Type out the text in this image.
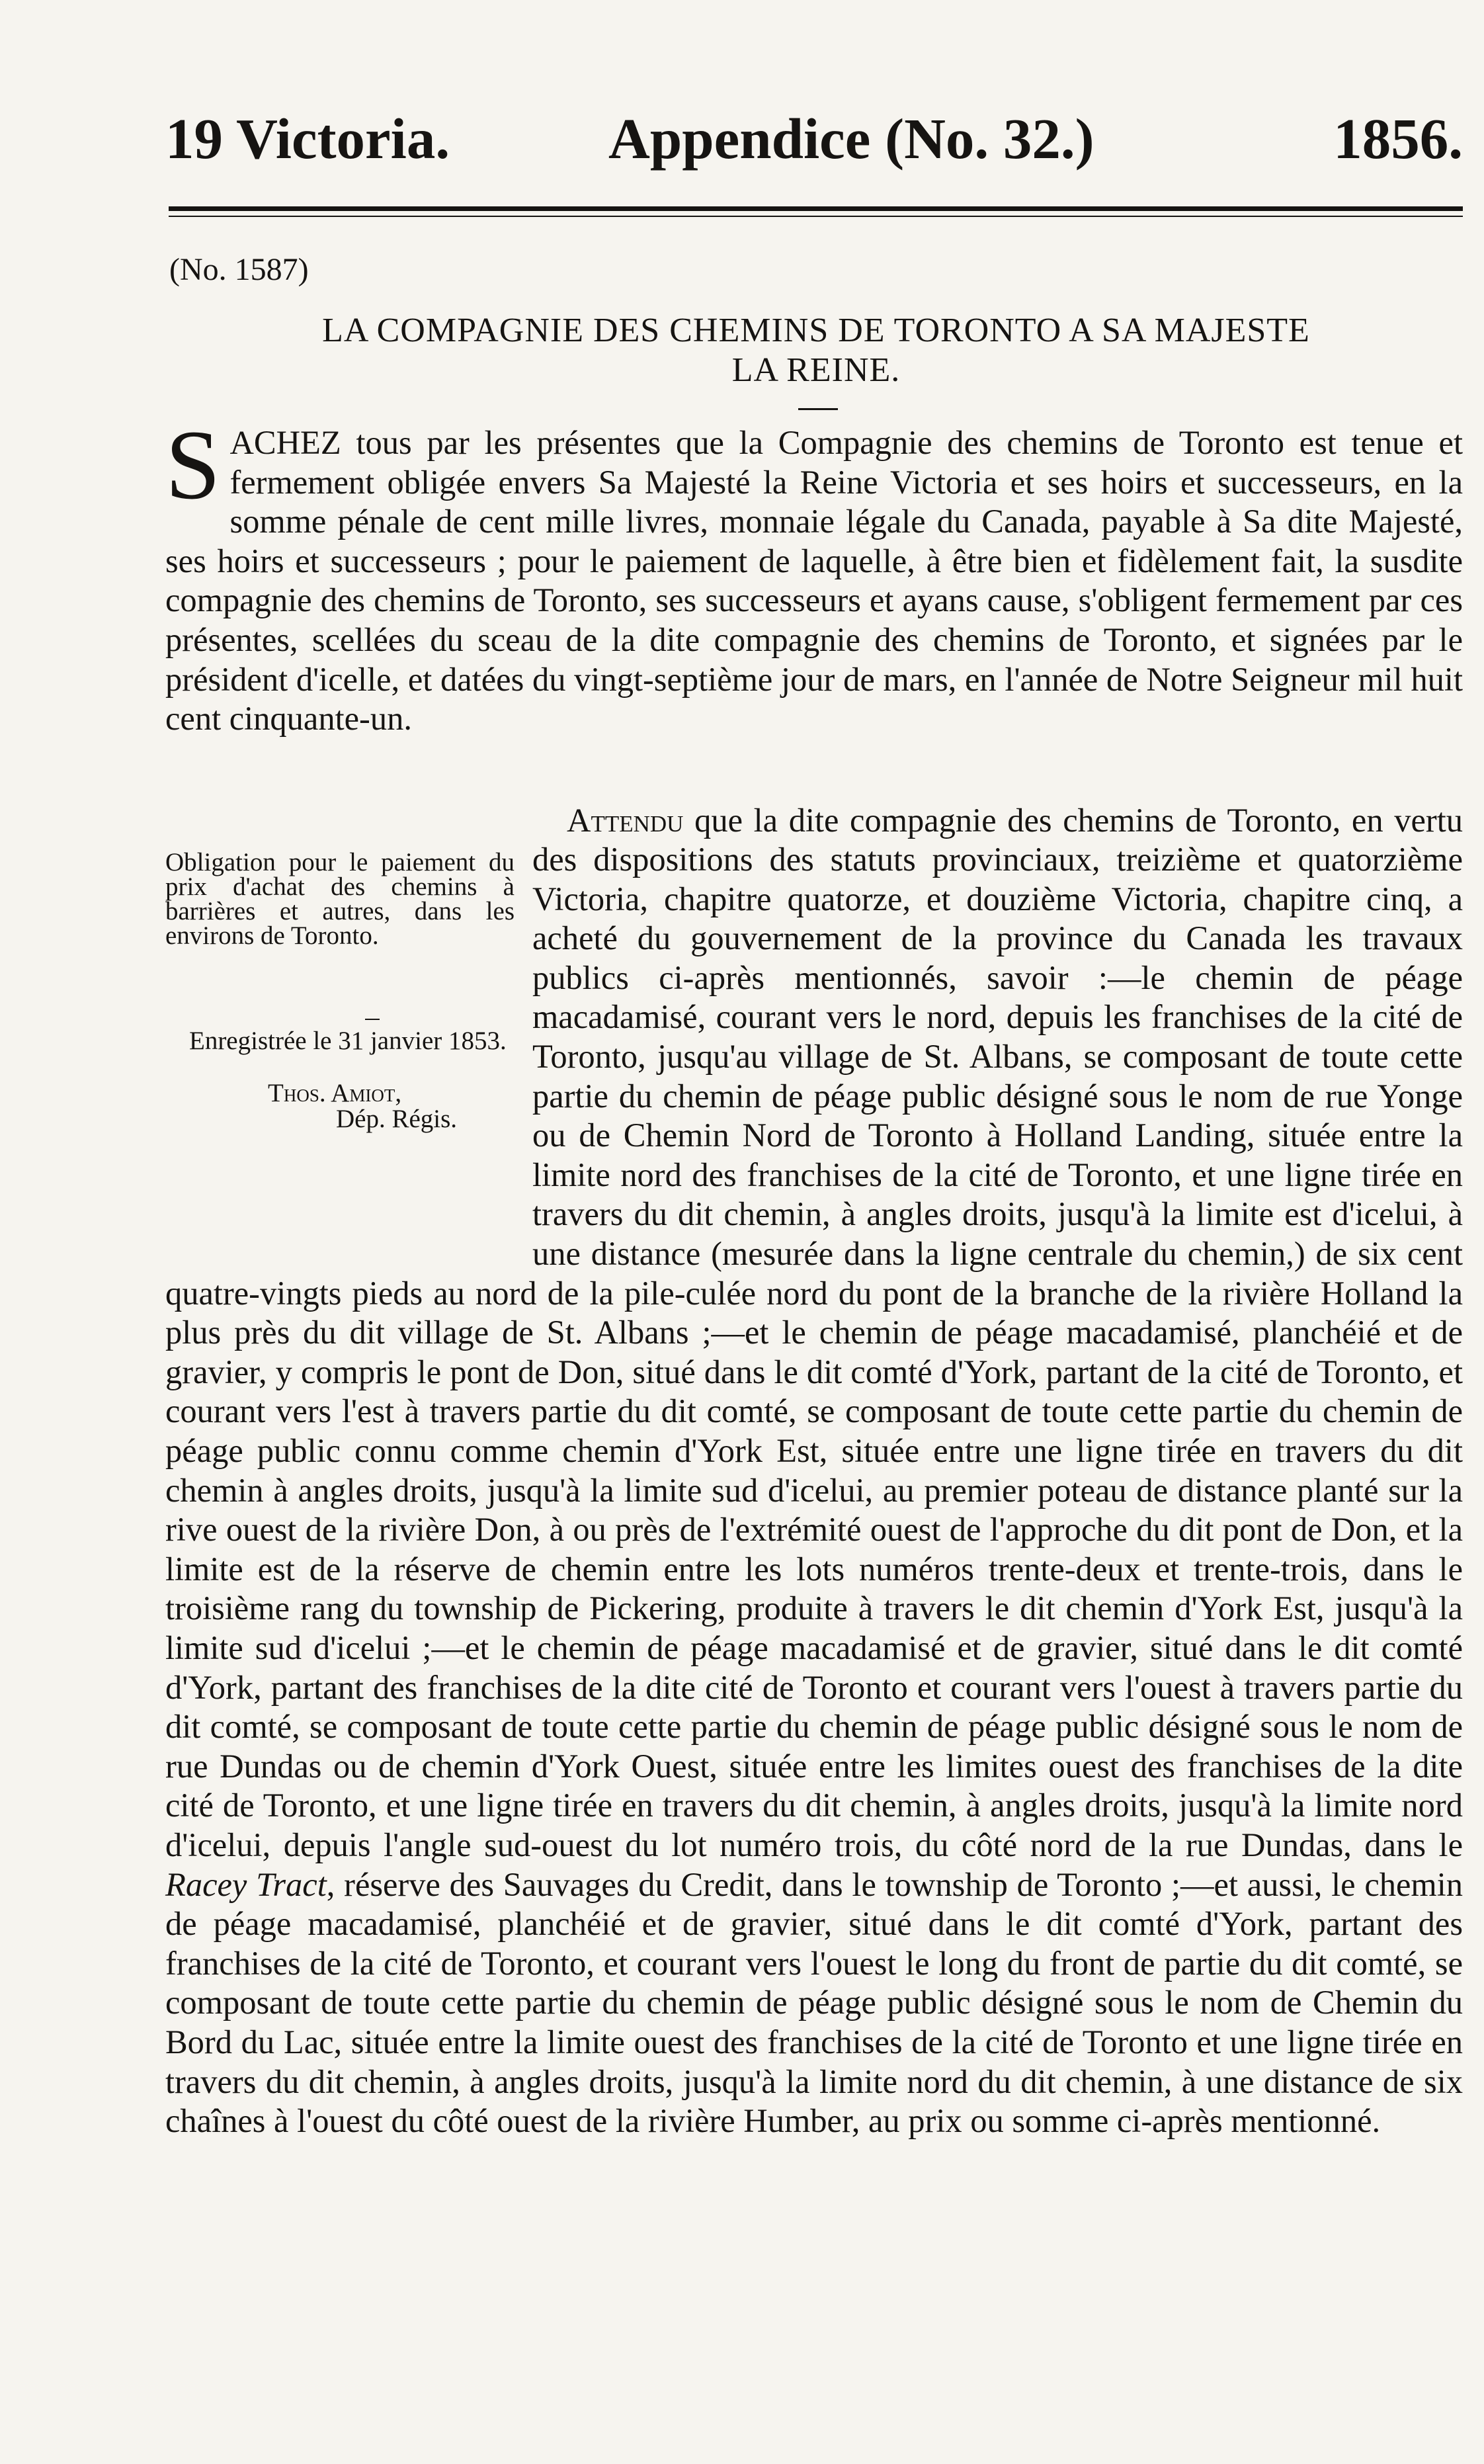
19 Victoria.	Appendice (No. 32.)	1856.
(No. 1587)
LA COMPAGNIE DES CHEMINS DE TORONTO A SA MAJESTE
LA REINE.

SACHEZ tous par les présentes que la Compagnie des chemins de Toronto est tenue et fermement obligée envers Sa Majesté la Reine Victoria et ses hoirs et successeurs, en la somme pénale de cent mille livres, monnaie légale du Canada, payable à Sa dite Majesté, ses hoirs et successeurs ; pour le paiement de laquelle, à être bien et fidèlement fait, la susdite compagnie des chemins de Toronto, ses successeurs et ayans cause, s'obligent fermement par ces présentes, scellées du sceau de la dite compagnie des chemins de Toronto, et signées par le président d'icelle, et datées du vingt-septième jour de mars, en l'année de Notre Seigneur mil huit cent cinquante-un.

Attendu que la dite compagnie des chemins de Toronto, en vertu des dispositions des statuts provinciaux, treizième et quatorzième Victoria, chapitre quatorze, et douzième Victoria, chapitre cinq, a acheté du gouvernement de la province du Canada les travaux publics ci-après mentionnés, savoir :—le chemin de péage macadamisé, courant vers le nord, depuis les franchises de la cité de Toronto, jusqu'au village de St. Albans, se composant de toute cette partie du chemin de péage public désigné sous le nom de rue Yonge ou de Chemin Nord de Toronto à Holland Landing, située entre la limite nord des franchises de la cité de Toronto, et une ligne tirée en travers du dit chemin, à angles droits, jusqu'à la limite est d'icelui, à une distance (mesurée dans la ligne centrale du chemin,) de six cent quatre-vingts pieds au nord de la pile-culée nord du pont de la branche de la rivière Holland la plus près du dit village de St. Albans ;—et le chemin de péage macadamisé, planchéié et de gravier, y compris le pont de Don, situé dans le dit comté d'York, partant de la cité de Toronto, et courant vers l'est à travers partie du dit comté, se composant de toute cette partie du chemin de péage public connu comme chemin d'York Est, située entre une ligne tirée en travers du dit chemin à angles droits, jusqu'à la limite sud d'icelui, au premier poteau de distance planté sur la rive ouest de la rivière Don, à ou près de l'extrémité ouest de l'approche du dit pont de Don, et la limite est de la réserve de chemin entre les lots numéros trente-deux et trente-trois, dans le troisième rang du township de Pickering, produite à travers le dit chemin d'York Est, jusqu'à la limite sud d'icelui ;—et le chemin de péage macadamisé et de gravier, situé dans le dit comté d'York, partant des franchises de la dite cité de Toronto et courant vers l'ouest à travers partie du dit comté, se composant de toute cette partie du chemin de péage public désigné sous le nom de rue Dundas ou de chemin d'York Ouest, située entre les limites ouest des franchises de la dite cité de Toronto, et une ligne tirée en travers du dit chemin, à angles droits, jusqu'à la limite nord d'icelui, depuis l'angle sud-ouest du lot numéro trois, du côté nord de la rue Dundas, dans le Racey Tract, réserve des Sauvages du Credit, dans le township de Toronto ;—et aussi, le chemin de péage macadamisé, planchéié et de gravier, situé dans le dit comté d'York, partant des franchises de la cité de Toronto, et courant vers l'ouest le long du front de partie du dit comté, se composant de toute cette partie du chemin de péage public désigné sous le nom de Chemin du Bord du Lac, située entre la limite ouest des franchises de la cité de Toronto et une ligne tirée en travers du dit chemin, à angles droits, jusqu'à la limite nord du dit chemin, à une distance de six chaînes à l'ouest du côté ouest de la rivière Humber, au prix ou somme ci-après mentionné.

Obligation pour le paiement du prix d'achat des chemins à barrières et autres, dans les environs de Toronto.
Enregistrée le 31 janvier 1853.
Thos. Amiot,
Dép. Régis.
